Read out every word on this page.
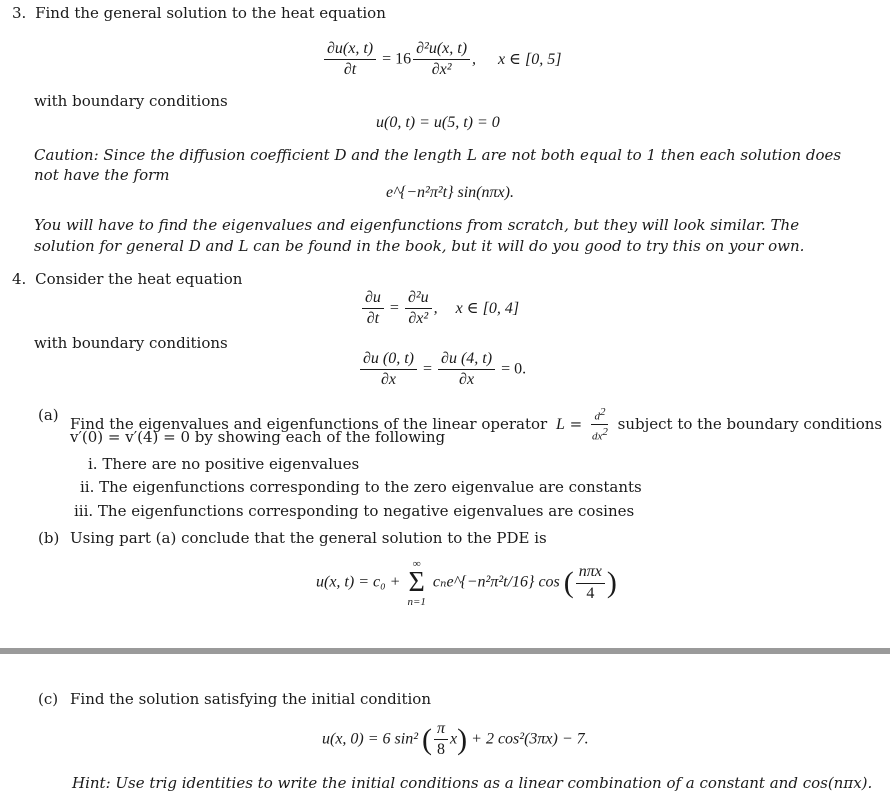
3. Find the general solution to the heat equation
$\frac{\partial u(x, t)}{\partial t} = 16 \frac{\text{∂²u(x, t)}}{\text{∂x²}}$ , x ∈ [0, 5]
with boundary conditions
u(0, t) = u(5, t) = 0
Caution: Since the diffusion coefficient D and the length L are not both equal to 1 then each solution does not have the form
e^{−n²π²t} sin(nπx).
You will have to find the eigenvalues and eigenfunctions from scratch, but they will look similar. The solution for general D and L can be found in the book, but it will do you good to try this on your own.
4. Consider the heat equation
$\frac{\partial u}{\partial t} = \frac{\text{∂²u}}{\text{∂x²}}$ , x ∈ [0, 4]
with boundary conditions
$\frac{\partial u (0, t)}{\partial x} = \frac{\partial u (4, t)}{\partial x} = 0$.
(a) Find the eigenvalues and eigenfunctions of the linear operator $L = \frac{d^2}{dx^2}$ subject to the boundary conditions
v′(0) = v′(4) = 0 by showing each of the following
i. There are no positive eigenvalues
ii. The eigenfunctions corresponding to the zero eigenvalue are constants
iii. The eigenfunctions corresponding to negative eigenvalues are cosines
(b) Using part (a) conclude that the general solution to the PDE is
u(x, t) = c₀ +
∞
Σ
n=1
cₙe^{−n²π²t/16} cos ( $\frac{\text{nπx}}{4}$ )
(c) Find the solution satisfying the initial condition
u(x, 0) = 6 sin² ( $\frac{\pi}{8} x) + 2$ cos²(3πx) − 7.
Hint: Use trig identities to write the initial conditions as a linear combination of a constant and cos(nπx).
